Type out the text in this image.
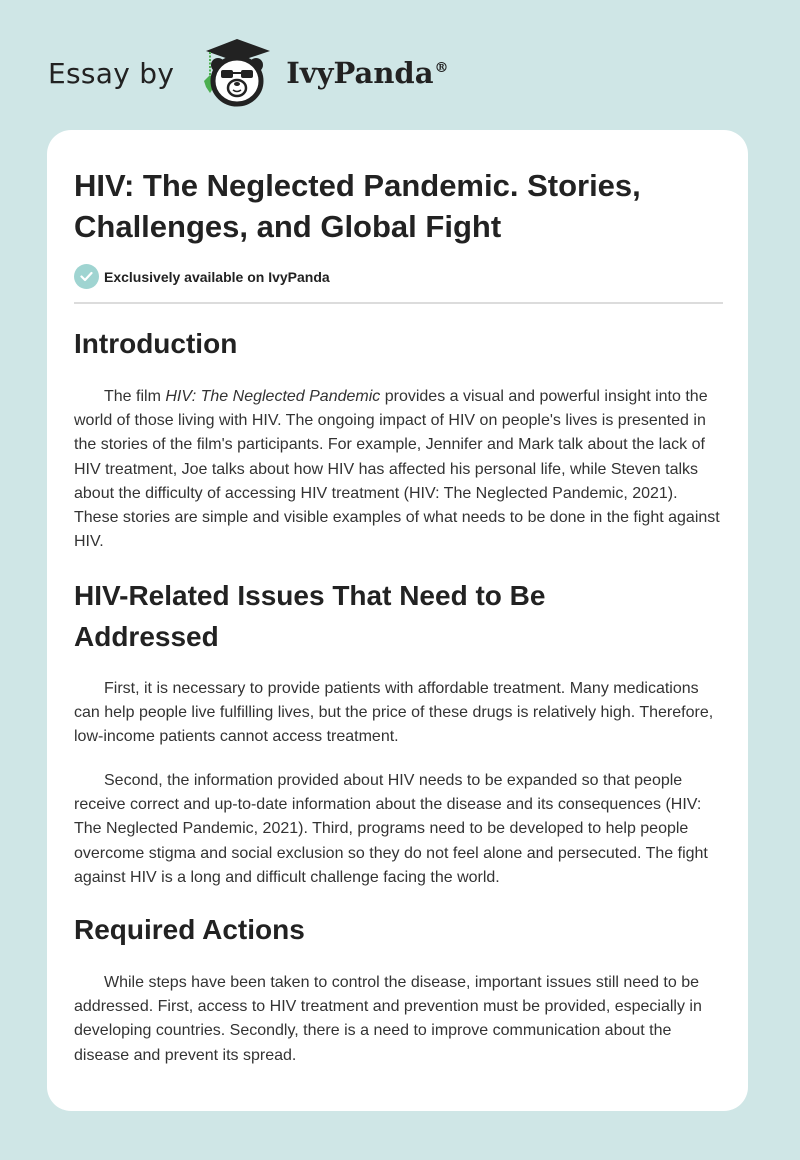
Essay by	IvyPanda®
HIV: The Neglected Pandemic. Stories, Challenges, and Global Fight
Exclusively available on IvyPanda
Introduction

The film HIV: The Neglected Pandemic provides a visual and powerful insight into the world of those living with HIV. The ongoing impact of HIV on people's lives is presented in the stories of the film's participants. For example, Jennifer and Mark talk about the lack of HIV treatment, Joe talks about how HIV has affected his personal life, while Steven talks about the difficulty of accessing HIV treatment (HIV: The Neglected Pandemic, 2021). These stories are simple and visible examples of what needs to be done in the fight against HIV.

HIV-Related Issues That Need to Be Addressed

First, it is necessary to provide patients with affordable treatment. Many medications can help people live fulfilling lives, but the price of these drugs is relatively high. Therefore, low-income patients cannot access treatment.

Second, the information provided about HIV needs to be expanded so that people receive correct and up-to-date information about the disease and its consequences (HIV: The Neglected Pandemic, 2021). Third, programs need to be developed to help people overcome stigma and social exclusion so they do not feel alone and persecuted. The fight against HIV is a long and difficult challenge facing the world.

Required Actions

While steps have been taken to control the disease, important issues still need to be addressed. First, access to HIV treatment and prevention must be provided, especially in developing countries. Secondly, there is a need to improve communication about the disease and prevent its spread.
